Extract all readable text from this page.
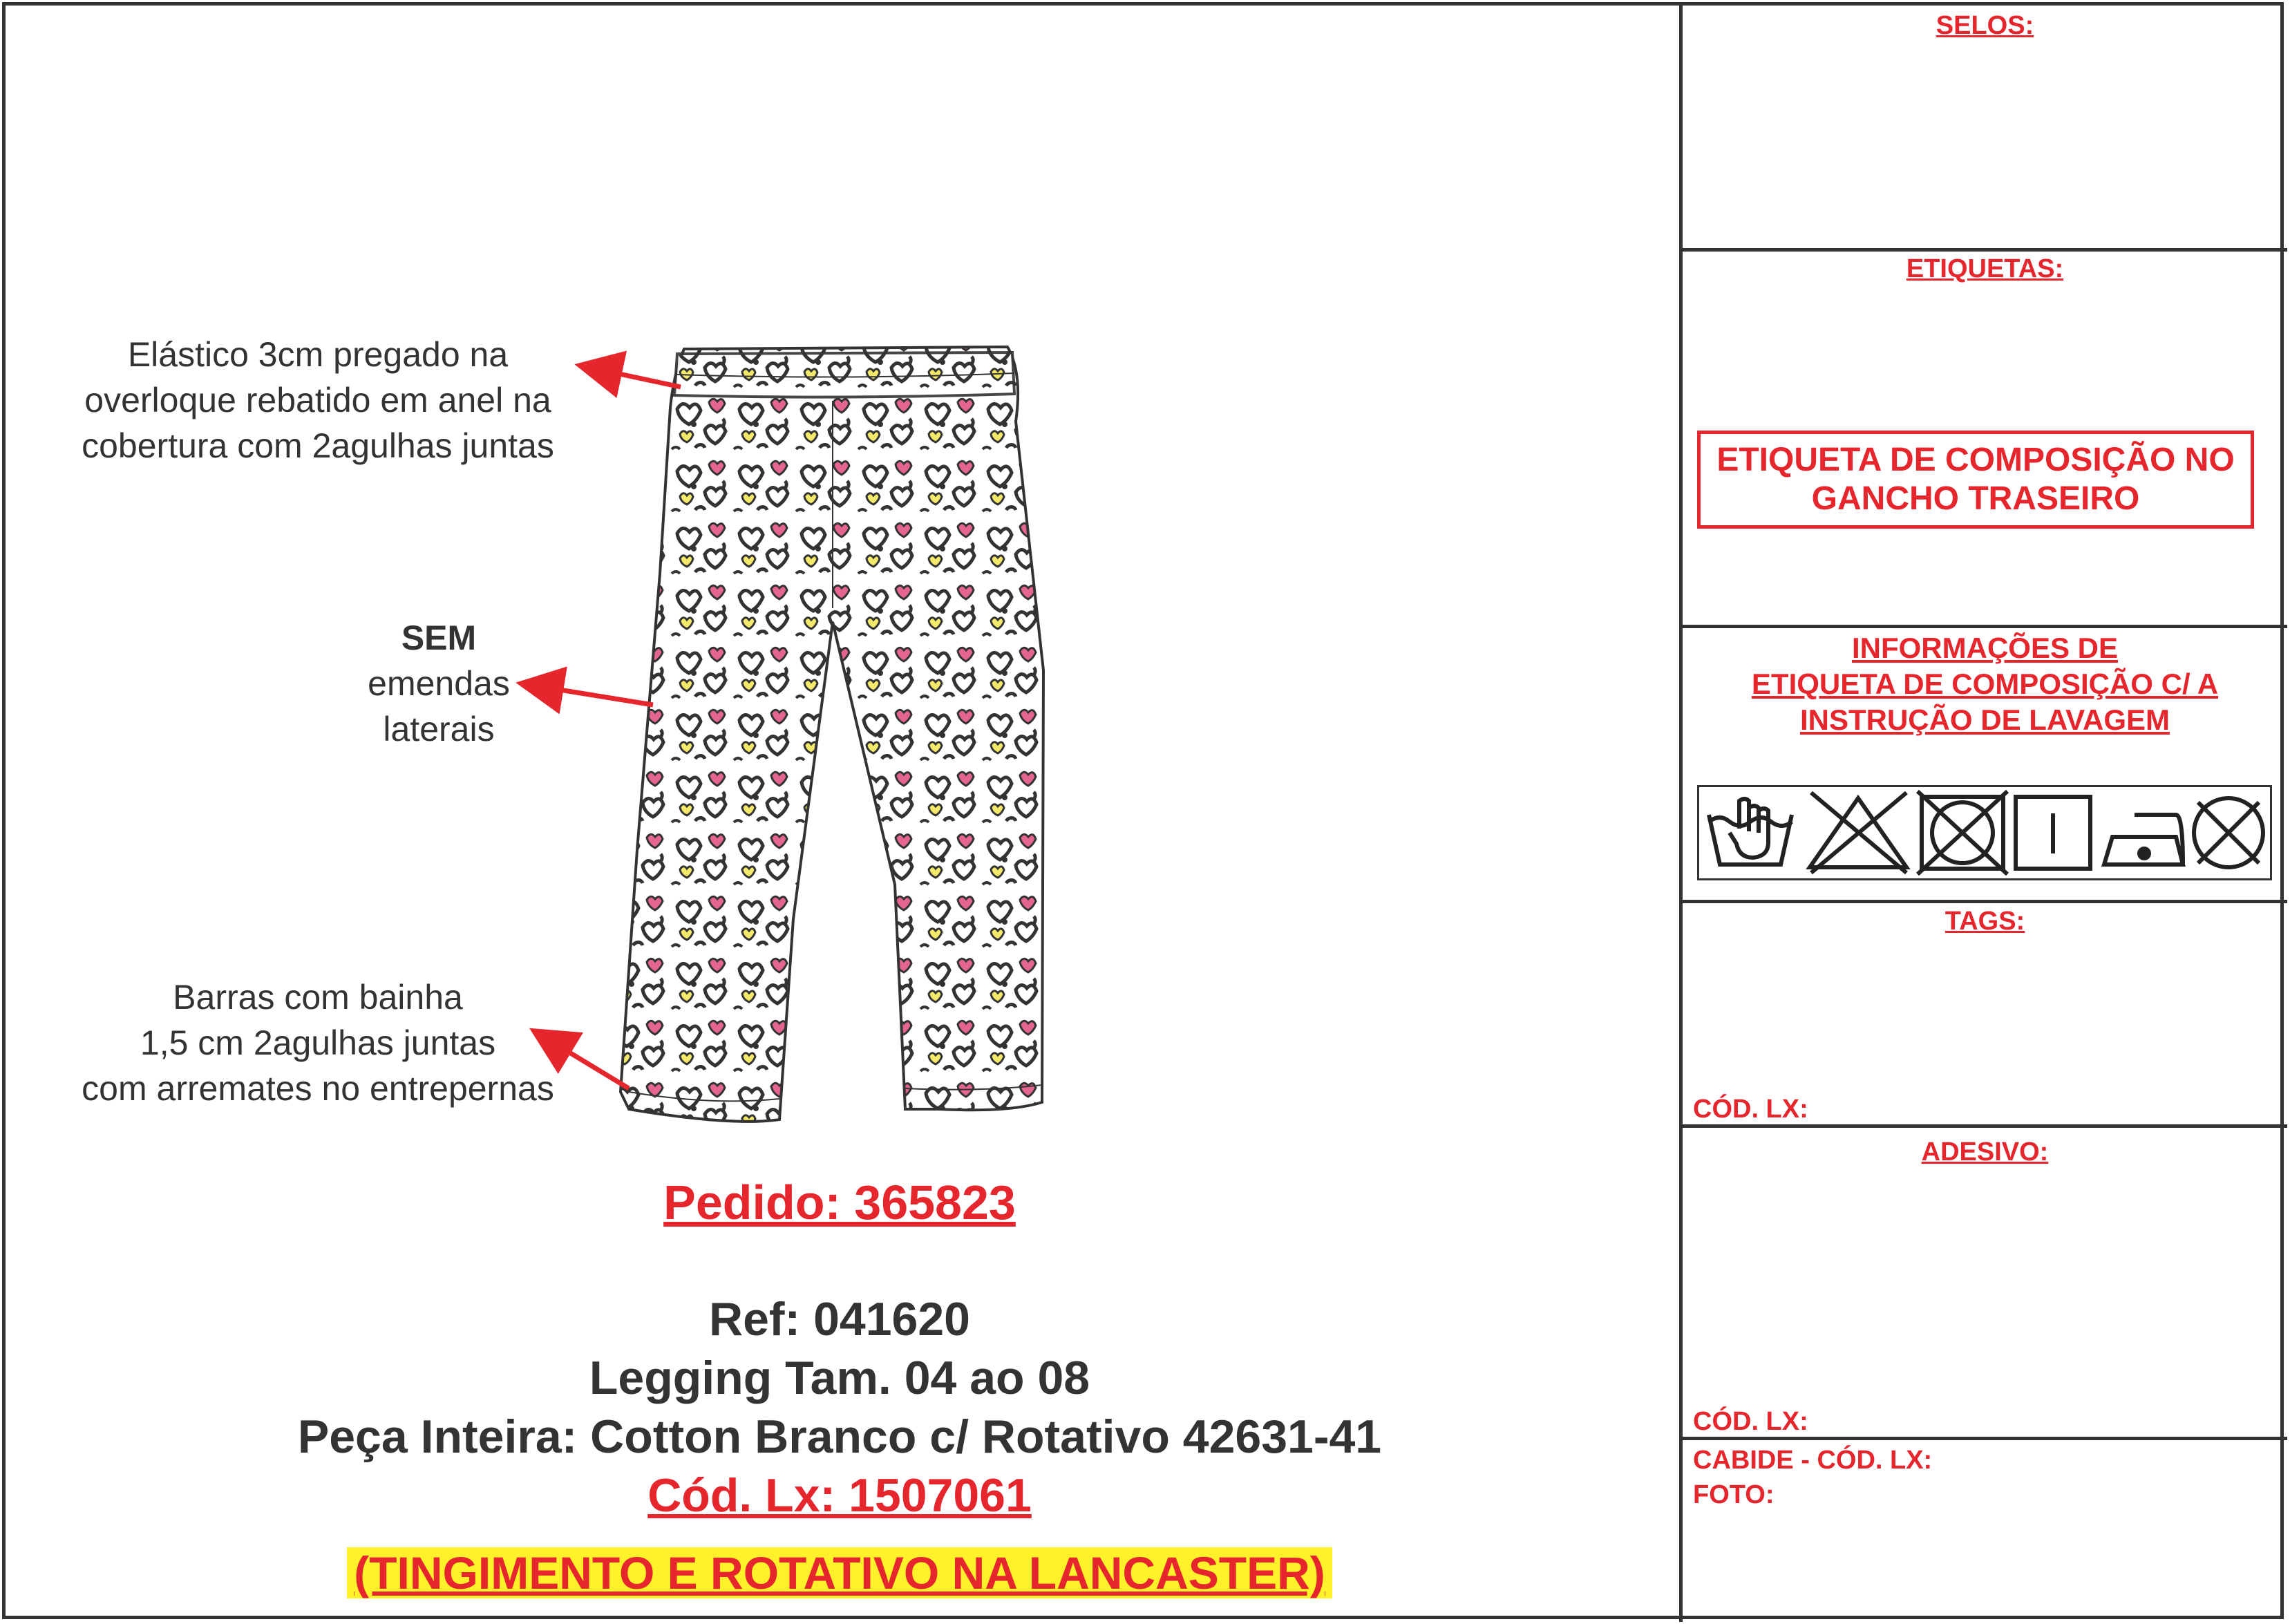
Elástico 3cm pregado na
overloque rebatido em anel na
cobertura com 2agulhas juntas
SEM
emendas
laterais
Barras com bainha
1,5 cm 2agulhas juntas
com arremates no entrepernas
Pedido: 365823
Ref: 041620
Legging Tam. 04 ao 08
Peça Inteira: Cotton Branco c/ Rotativo 42631-41
Cód. Lx: 1507061
(TINGIMENTO E ROTATIVO NA LANCASTER)
SELOS:
ETIQUETAS:
ETIQUETA DE COMPOSIÇÃO NO
GANCHO TRASEIRO
INFORMAÇÕES DE
ETIQUETA DE COMPOSIÇÃO C/ A
INSTRUÇÃO DE LAVAGEM
TAGS:
CÓD. LX:
ADESIVO:
CÓD. LX:
CABIDE - CÓD. LX:
FOTO:
